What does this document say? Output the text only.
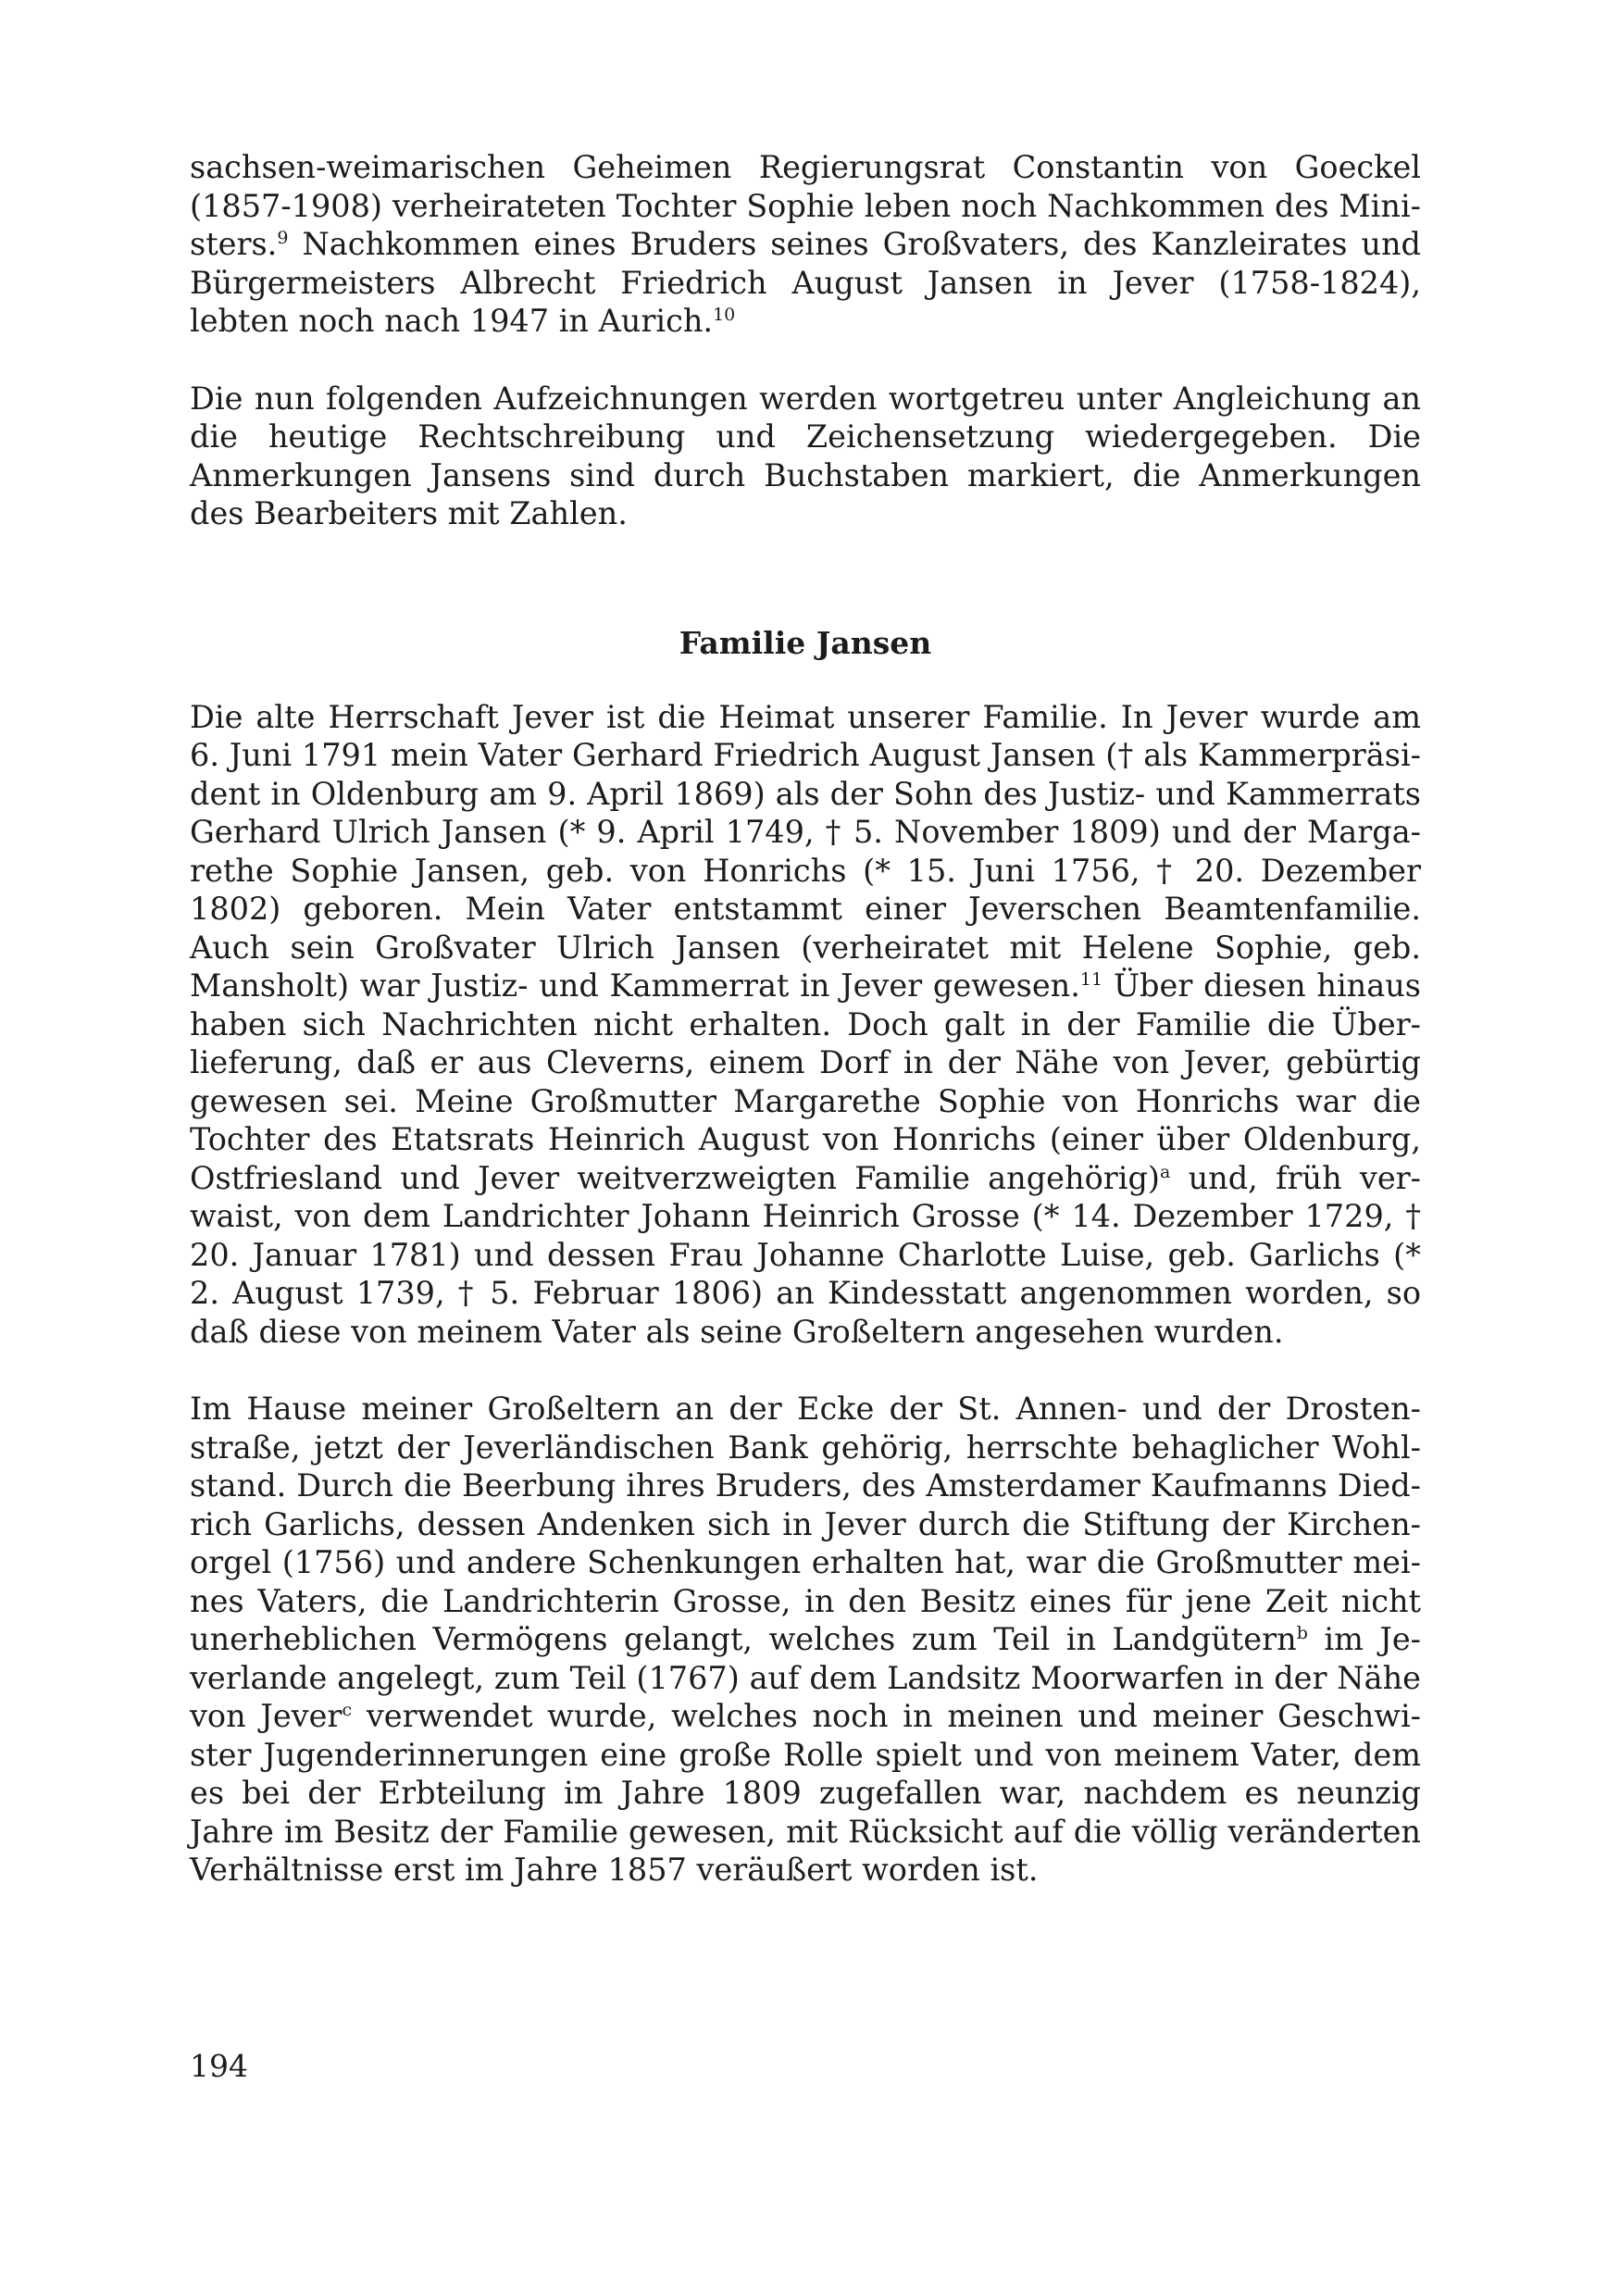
sachsen-weimarischen Geheimen Regierungsrat Constantin von Goeckel (1857-1908) verheirateten Tochter Sophie leben noch Nachkommen des Ministers.$^9$ Nachkommen eines Bruders seines Großvaters, des Kanzleirates und Bürgermeisters Albrecht Friedrich August Jansen in Jever (1758-1824), lebten noch nach 1947 in Aurich.$^{10}$

Die nun folgenden Aufzeichnungen werden wortgetreu unter Angleichung an die heutige Rechtschreibung und Zeichensetzung wiedergegeben. Die Anmerkungen Jansens sind durch Buchstaben markiert, die Anmerkungen des Bearbeiters mit Zahlen.

Familie Jansen

Die alte Herrschaft Jever ist die Heimat unserer Familie. In Jever wurde am 6. Juni 1791 mein Vater Gerhard Friedrich August Jansen († als Kammerpräsident in Oldenburg am 9. April 1869) als der Sohn des Justiz- und Kammerrats Gerhard Ulrich Jansen (* 9. April 1749, † 5. November 1809) und der Margarethe Sophie Jansen, geb. von Honrichs (* 15. Juni 1756, † 20. Dezember 1802) geboren. Mein Vater entstammt einer Jeverschen Beamtenfamilie. Auch sein Großvater Ulrich Jansen (verheiratet mit Helene Sophie, geb. Mansholt) war Justiz- und Kammerrat in Jever gewesen.$^{11}$ Über diesen hinaus haben sich Nachrichten nicht erhalten. Doch galt in der Familie die Überlieferung, daß er aus Cleverns, einem Dorf in der Nähe von Jever, gebürtig gewesen sei. Meine Großmutter Margarethe Sophie von Honrichs war die Tochter des Etatsrats Heinrich August von Honrichs (einer über Oldenburg, Ostfriesland und Jever weitverzweigten Familie angehörig)$^a$ und, früh verwaist, von dem Landrichter Johann Heinrich Grosse (* 14. Dezember 1729, † 20. Januar 1781) und dessen Frau Johanne Charlotte Luise, geb. Garlichs (* 2. August 1739, † 5. Februar 1806) an Kindesstatt angenommen worden, so daß diese von meinem Vater als seine Großeltern angesehen wurden.

Im Hause meiner Großeltern an der Ecke der St. Annen- und der Drostenstraße, jetzt der Jeverländischen Bank gehörig, herrschte behaglicher Wohlstand. Durch die Beerbung ihres Bruders, des Amsterdamer Kaufmanns Diedrich Garlichs, dessen Andenken sich in Jever durch die Stiftung der Kirchenorgel (1756) und andere Schenkungen erhalten hat, war die Großmutter meines Vaters, die Landrichterin Grosse, in den Besitz eines für jene Zeit nicht unerheblichen Vermögens gelangt, welches zum Teil in Landgütern$^b$ im Jeverlande angelegt, zum Teil (1767) auf dem Landsitz Moorwarfen in der Nähe von Jever$^c$ verwendet wurde, welches noch in meinen und meiner Geschwister Jugenderinnerungen eine große Rolle spielt und von meinem Vater, dem es bei der Erbteilung im Jahre 1809 zugefallen war, nachdem es neunzig Jahre im Besitz der Familie gewesen, mit Rücksicht auf die völlig veränderten Verhältnisse erst im Jahre 1857 veräußert worden ist.

194
